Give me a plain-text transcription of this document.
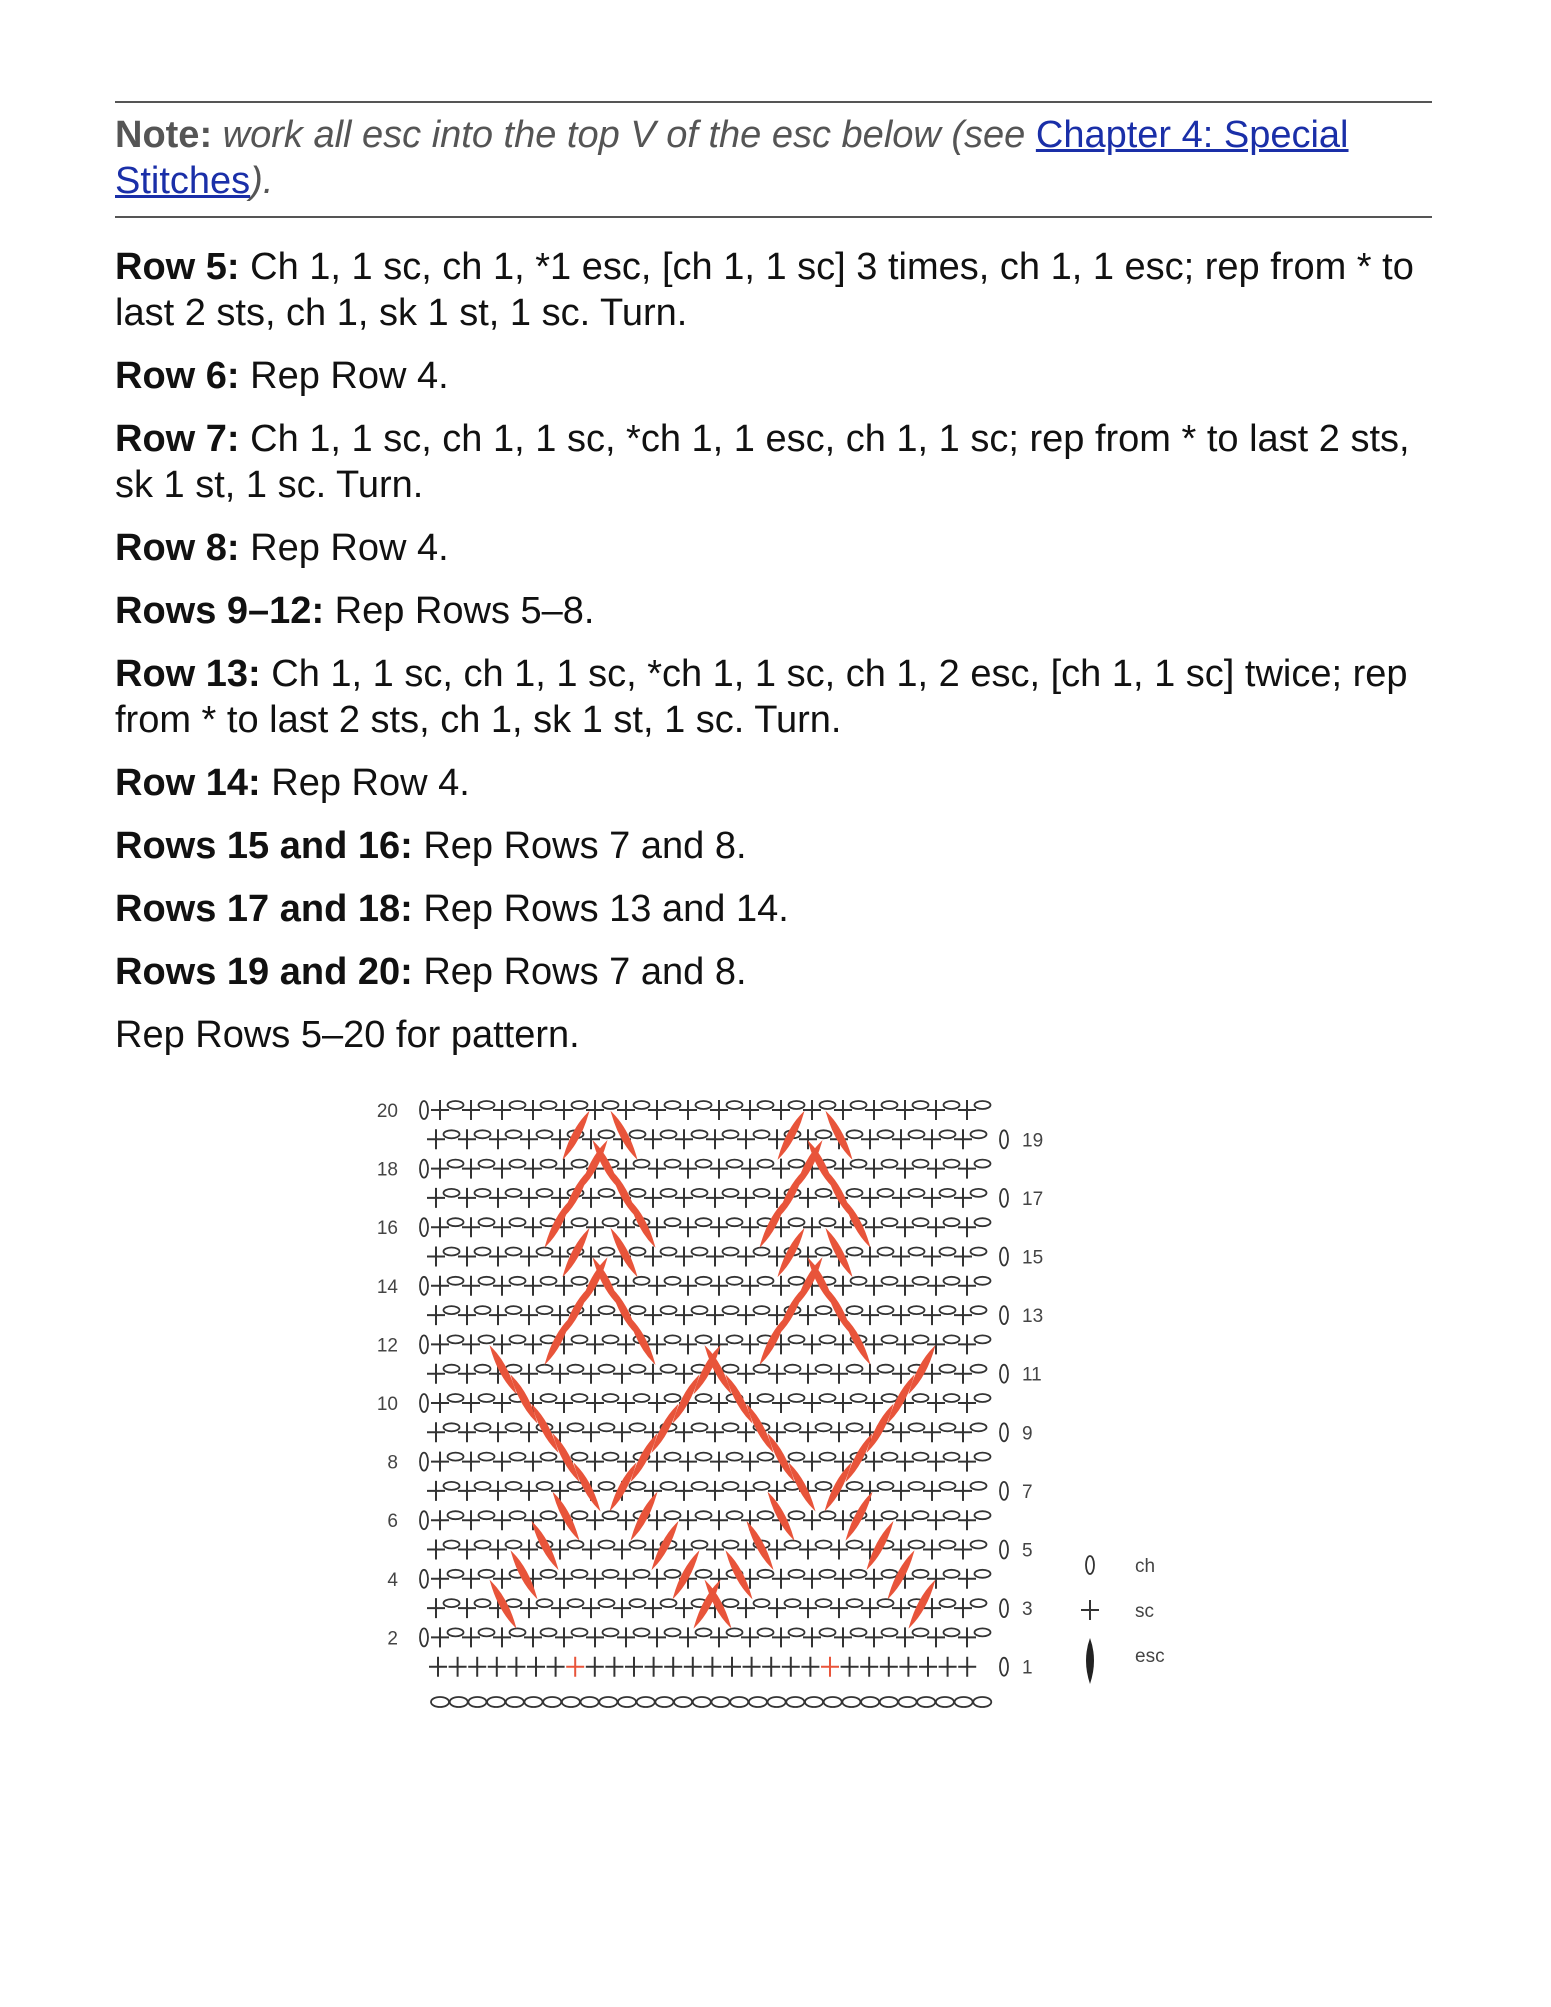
Note: work all esc into the top V of the esc below (see Chapter 4: Special Stitches).

Row 5: Ch 1, 1 sc, ch 1, *1 esc, [ch 1, 1 sc] 3 times, ch 1, 1 esc; rep from * to last 2 sts, ch 1, sk 1 st, 1 sc. Turn.

Row 6: Rep Row 4.

Row 7: Ch 1, 1 sc, ch 1, 1 sc, *ch 1, 1 esc, ch 1, 1 sc; rep from * to last 2 sts, sk 1 st, 1 sc. Turn.

Row 8: Rep Row 4.

Rows 9–12: Rep Rows 5–8.

Row 13: Ch 1, 1 sc, ch 1, 1 sc, *ch 1, 1 sc, ch 1, 2 esc, [ch 1, 1 sc] twice; rep from * to last 2 sts, ch 1, sk 1 st, 1 sc. Turn.

Row 14: Rep Row 4.

Rows 15 and 16: Rep Rows 7 and 8.

Rows 17 and 18: Rep Rows 13 and 14.

Rows 19 and 20: Rep Rows 7 and 8.

Rep Rows 5–20 for pattern.

20
18
16
14
12
10
8
6
4
2
19
17
15
13
11
9
7
5
3
1
ch
sc
esc
